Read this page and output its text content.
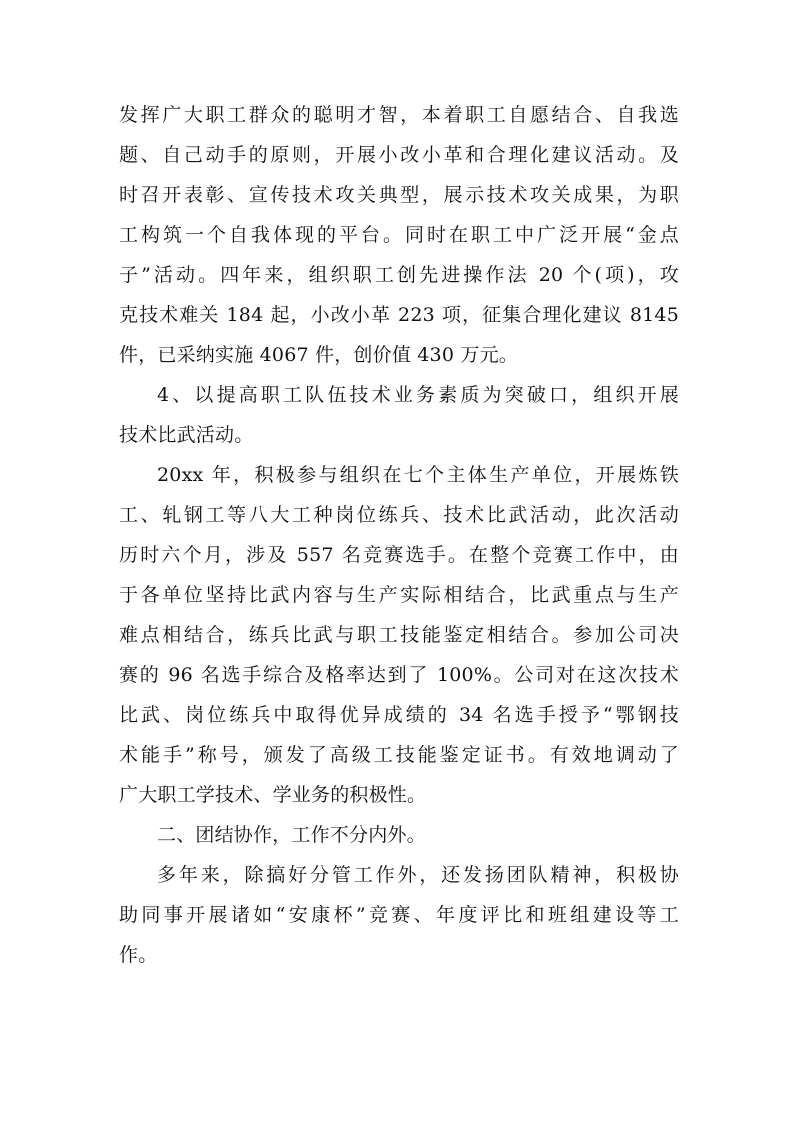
发挥广大职工群众的聪明才智，本着职工自愿结合、自我选
题、自己动手的原则，开展小改小革和合理化建议活动。及
时召开表彰、宣传技术攻关典型，展示技术攻关成果，为职
工构筑一个自我体现的平台。同时在职工中广泛开展“金点
子”活动。四年来，组织职工创先进操作法 20 个(项)，攻
克技术难关 184 起，小改小革 223 项，征集合理化建议 8145
件，已采纳实施 4067 件，创价值 430 万元。
4、以提高职工队伍技术业务素质为突破口，组织开展
技术比武活动。
20xx 年，积极参与组织在七个主体生产单位，开展炼铁
工、轧钢工等八大工种岗位练兵、技术比武活动，此次活动
历时六个月，涉及 557 名竞赛选手。在整个竞赛工作中，由
于各单位坚持比武内容与生产实际相结合，比武重点与生产
难点相结合，练兵比武与职工技能鉴定相结合。参加公司决
赛的 96 名选手综合及格率达到了 100%。公司对在这次技术
比武、岗位练兵中取得优异成绩的 34 名选手授予“鄂钢技
术能手”称号，颁发了高级工技能鉴定证书。有效地调动了
广大职工学技术、学业务的积极性。
二、团结协作，工作不分内外。
多年来，除搞好分管工作外，还发扬团队精神，积极协
助同事开展诸如“安康杯”竞赛、年度评比和班组建设等工
作。
